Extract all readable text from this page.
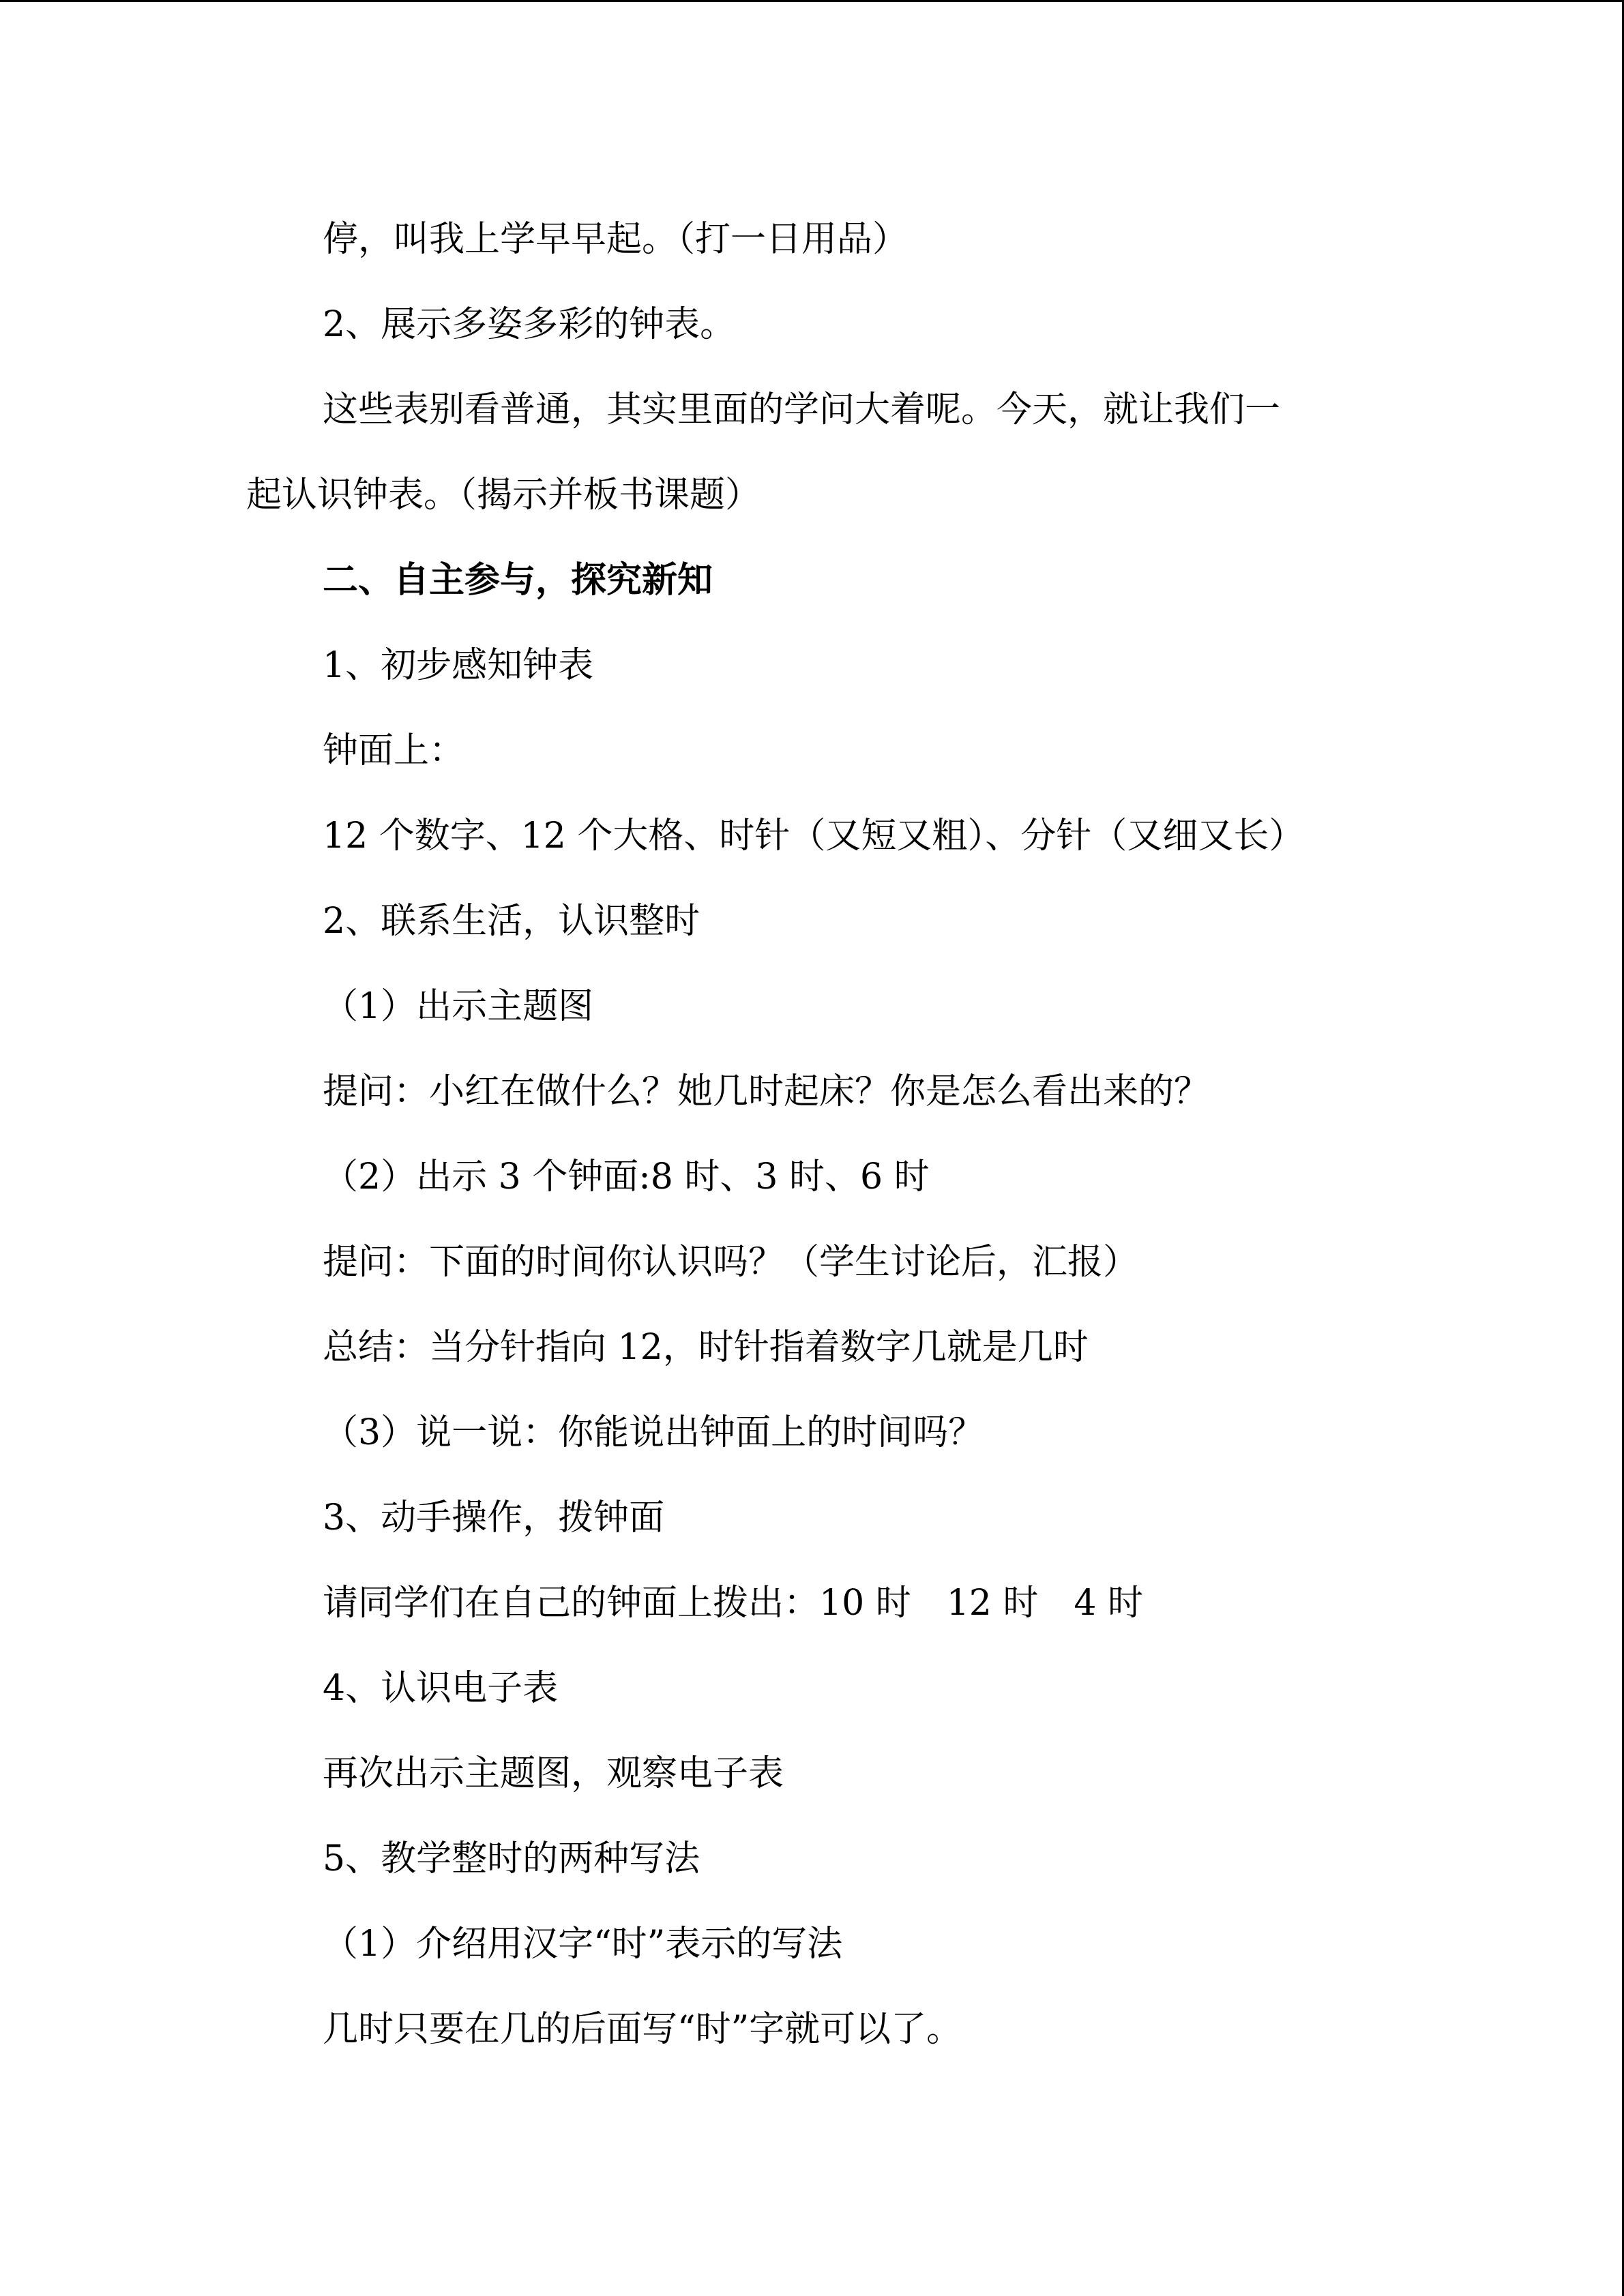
停，叫我上学早早起。（打一日用品）
2、展示多姿多彩的钟表。
这些表别看普通，其实里面的学问大着呢。今天，就让我们一
起认识钟表。（揭示并板书课题）
二、自主参与，探究新知
1、初步感知钟表
钟面上：
12 个数字、12 个大格、时针（又短又粗）、分针（又细又长）
2、联系生活，认识整时
（1）出示主题图
提问：小红在做什么？她几时起床？你是怎么看出来的？
（2）出示 3 个钟面:8 时、3 时、6 时
提问：下面的时间你认识吗？（学生讨论后，汇报）
总结：当分针指向 12，时针指着数字几就是几时
（3）说一说：你能说出钟面上的时间吗？
3、动手操作，拨钟面
请同学们在自己的钟面上拨出：10 时　12 时　4 时
4、认识电子表
再次出示主题图，观察电子表
5、教学整时的两种写法
（1）介绍用汉字“时”表示的写法
几时只要在几的后面写“时”字就可以了。
